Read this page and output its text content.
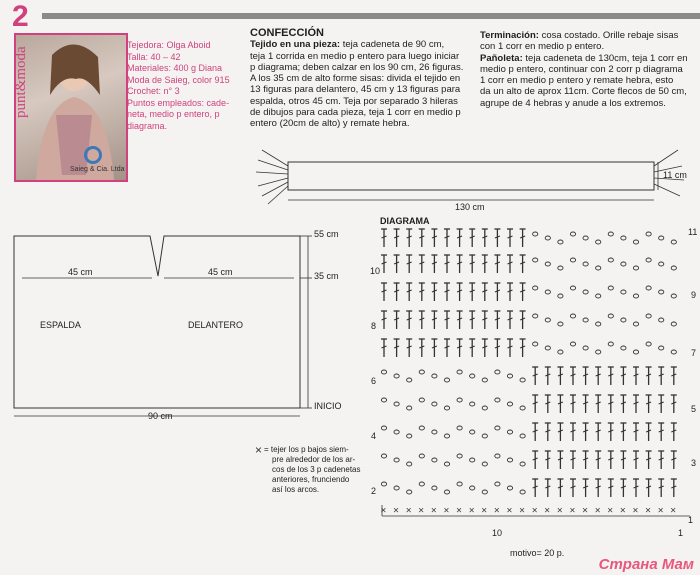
2
punt&moda
Saieg & Cia. Ltda
Tejedora: Olga Aboid
Talla: 40 – 42
Materiales: 400 g Diana
Moda de Saieg, color 915
Crochet: n° 3
Puntos empleados: cade-
neta, medio p entero, p
diagrama.
CONFECCIÓN
Tejido en una pieza: teja cadeneta de 90 cm,
teja 1 corrida en medio p entero para luego iniciar
p diagrama; deben calzar en los 90 cm, 26 figuras.
A los 35 cm de alto forme sisas: divida el tejido en
13 figuras para delantero, 45 cm y 13 figuras para
espalda, otros 45 cm. Teja por separado 3 hileras
de dibujos para cada pieza, teja 1 corr en medio p
entero (20cm de alto) y remate hebra.
Terminación: cosa costado. Orille rebaje sisas
con 1 corr en medio p entero.
Pañoleta: teja cadeneta de 130cm, teja 1 corr en
medio p entero, continuar con 2 corr p diagrama
1 corr en medio p entero y remate hebra, esto
da un alto de aprox 11cm. Corte flecos de 50 cm,
agrupe de 4 hebras y anude a los extremos.
×
× × × × × × × × × × × × × × × × × × × × × × × ×
130 cm
11 cm
45 cm	45 cm
ESPALDA	DELANTERO
90 cm
55 cm
35 cm
INICIO
= tejer los p bajos siem-
pre alrededor de los ar-
cos de los 3 p cadenetas
anteriores, frunciendo
así los arcos.
DIAGRAMA
10
8
6
4
2
11
9
7
5
3
1
10	1
motivo= 20 p.
Страна Мам
